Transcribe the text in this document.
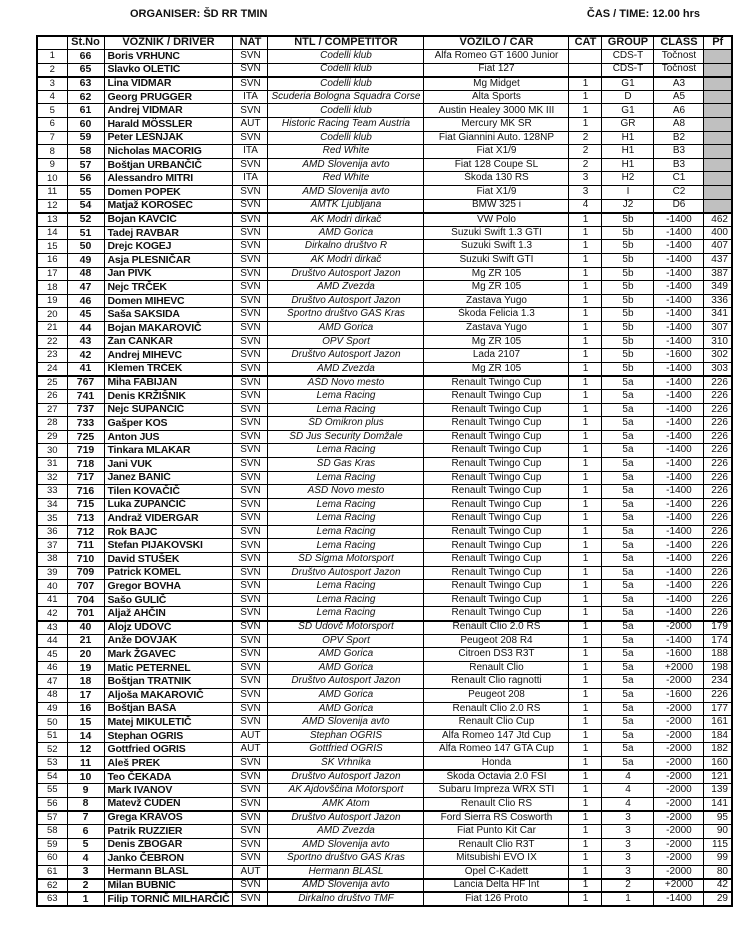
ORGANISER: ŠD RR TMIN	ČAS / TIME: 12.00 hrs
	St.No	VOZNIK / DRIVER	NAT	NTL / COMPETITOR	VOZILO / CAR	CAT	GROUP	CLASS	Pf
1	66	Boris VRHUNC	SVN	Codelli klub	Alfa Romeo GT 1600 Junior		CDS-T	Točnost	
2	65	Slavko OLETIĆ	SVN	Codelli klub	Fiat 127		CDS-T	Točnost	
3	63	Lina VIDMAR	SVN	Codelli klub	Mg Midget	1	G1	A3	
4	62	Georg PRUGGER	ITA	Scuderia Bologna Squadra Corse	Alta Sports	1	D	A5	
5	61	Andrej VIDMAR	SVN	Codelli klub	Austin Healey 3000 MK III	1	G1	A6	
6	60	Harald MÖSSLER	AUT	Historic Racing Team Austria	Mercury MK SR	1	GR	A8	
7	59	Peter LEŠNJAK	SVN	Codelli klub	Fiat Giannini Auto. 128NP	2	H1	B2	
8	58	Nicholas MACORIG	ITA	Red White	Fiat X1/9	2	H1	B3	
9	57	Boštjan URBANČIČ	SVN	AMD Slovenija avto	Fiat 128 Coupe SL	2	H1	B3	
10	56	Alessandro MITRI	ITA	Red White	Škoda 130 RS	3	H2	C1	
11	55	Domen POPEK	SVN	AMD Slovenija avto	Fiat X1/9	3	I	C2	
12	54	Matjaž KOROŠEC	SVN	AMTK Ljubljana	BMW 325 i	4	J2	D6	
13	52	Bojan KAVČIČ	SVN	AK Modri dirkač	VW Polo	1	5b	-1400	462
14	51	Tadej RAVBAR	SVN	AMD Gorica	Suzuki Swift 1.3 GTI	1	5b	-1400	400
15	50	Drejc KOGEJ	SVN	Dirkalno društvo R	Suzuki Swift 1.3	1	5b	-1400	407
16	49	Asja PLESNIČAR	SVN	AK Modri dirkač	Suzuki Swift GTI	1	5b	-1400	437
17	48	Jan PIVK	SVN	Društvo Autosport Jazon	Mg ZR 105	1	5b	-1400	387
18	47	Nejc TRČEK	SVN	AMD Zvezda	Mg ZR 105	1	5b	-1400	349
19	46	Domen MIHEVC	SVN	Društvo Autosport Jazon	Zastava Yugo	1	5b	-1400	336
20	45	Saša SAKSIDA	SVN	Športno društvo GAS Kras	Škoda Felicia 1.3	1	5b	-1400	341
21	44	Bojan MAKAROVIČ	SVN	AMD Gorica	Zastava Yugo	1	5b	-1400	307
22	43	Žan CANKAR	SVN	OPV Šport	Mg ZR 105	1	5b	-1400	310
23	42	Andrej MIHEVC	SVN	Društvo Autosport Jazon	Lada 2107	1	5b	-1600	302
24	41	Klemen TRČEK	SVN	AMD Zvezda	Mg ZR 105	1	5b	-1400	303
25	767	Miha FABIJAN	SVN	AŠD Novo mesto	Renault Twingo Cup	1	5a	-1400	226
26	741	Denis KRŽIŠNIK	SVN	Lema Racing	Renault Twingo Cup	1	5a	-1400	226
27	737	Nejc SUPANČIČ	SVN	Lema Racing	Renault Twingo Cup	1	5a	-1400	226
28	733	Gašper KOS	SVN	ŠD Omikron plus	Renault Twingo Cup	1	5a	-1400	226
29	725	Anton JUS	SVN	ŠD Jus Security Domžale	Renault Twingo Cup	1	5a	-1400	226
30	719	Tinkara MLAKAR	SVN	Lema Racing	Renault Twingo Cup	1	5a	-1400	226
31	718	Jani VUK	SVN	ŠD Gas Kras	Renault Twingo Cup	1	5a	-1400	226
32	717	Janez BANIČ	SVN	Lema Racing	Renault Twingo Cup	1	5a	-1400	226
33	716	Tilen KOVAČIČ	SVN	AŠD Novo mesto	Renault Twingo Cup	1	5a	-1400	226
34	715	Luka ZUPANČIČ	SVN	Lema Racing	Renault Twingo Cup	1	5a	-1400	226
35	713	Andraž VIDERGAR	SVN	Lema Racing	Renault Twingo Cup	1	5a	-1400	226
36	712	Rok BAJC	SVN	Lema Racing	Renault Twingo Cup	1	5a	-1400	226
37	711	Stefan PIJAKOVSKI	SVN	Lema Racing	Renault Twingo Cup	1	5a	-1400	226
38	710	David STUŠEK	SVN	ŠD Sigma Motorsport	Renault Twingo Cup	1	5a	-1400	226
39	709	Patrick KOMEL	SVN	Društvo Autosport Jazon	Renault Twingo Cup	1	5a	-1400	226
40	707	Gregor BOVHA	SVN	Lema Racing	Renault Twingo Cup	1	5a	-1400	226
41	704	Sašo GULIČ	SVN	Lema Racing	Renault Twingo Cup	1	5a	-1400	226
42	701	Aljaž AHČIN	SVN	Lema Racing	Renault Twingo Cup	1	5a	-1400	226
43	40	Alojz UDOVČ	SVN	ŠD Udovč Motorsport	Renault Clio 2.0 RS	1	5a	-2000	179
44	21	Anže DOVJAK	SVN	OPV Šport	Peugeot 208 R4	1	5a	-1400	174
45	20	Mark ŽGAVEC	SVN	AMD Gorica	Citroen DS3 R3T	1	5a	-1600	188
46	19	Matic PETERNEL	SVN	AMD Gorica	Renault Clio	1	5a	+2000	198
47	18	Boštjan TRATNIK	SVN	Društvo Autosport Jazon	Renault Clio ragnotti	1	5a	-2000	234
48	17	Aljoša MAKAROVIČ	SVN	AMD Gorica	Peugeot 208	1	5a	-1600	226
49	16	Boštjan BAŠA	SVN	AMD Gorica	Renault Clio 2.0 RS	1	5a	-2000	177
50	15	Matej MIKULETIČ	SVN	AMD Slovenija avto	Renault Clio Cup	1	5a	-2000	161
51	14	Stephan OGRIS	AUT	Stephan OGRIS	Alfa Romeo 147 Jtd Cup	1	5a	-2000	184
52	12	Gottfried OGRIS	AUT	Gottfried OGRIS	Alfa Romeo 147 GTA Cup	1	5a	-2000	182
53	11	Aleš PREK	SVN	ŠK Vrhnika	Honda	1	5a	-2000	160
54	10	Teo ČEKADA	SVN	Društvo Autosport Jazon	Škoda Octavia 2.0 FSI	1	4	-2000	121
55	9	Mark IVANOV	SVN	AK Ajdovščina Motorsport	Subaru Impreza WRX STI	1	4	-2000	139
56	8	Matevž ČUDEN	SVN	AMK Atom	Renault Clio RS	1	4	-2000	141
57	7	Grega KRAVOS	SVN	Društvo Autosport Jazon	Ford Sierra RS Cosworth	1	3	-2000	95
58	6	Patrik RUZZIER	SVN	AMD Zvezda	Fiat Punto Kit Car	1	3	-2000	90
59	5	Denis ŽBOGAR	SVN	AMD Slovenija avto	Renault Clio R3T	1	3	-2000	115
60	4	Janko ČEBRON	SVN	Športno društvo GAS Kras	Mitsubishi EVO IX	1	3	-2000	99
61	3	Hermann BLASL	AUT	Hermann BLASL	Opel C-Kadett	1	3	-2000	80
62	2	Milan BUBNIČ	SVN	AMD Slovenija avto	Lancia Delta HF Int	1	2	+2000	42
63	1	Filip TORNIČ MILHARČIČ	SVN	Dirkalno društvo TMF	Fiat 126 Proto	1	1	-1400	29
